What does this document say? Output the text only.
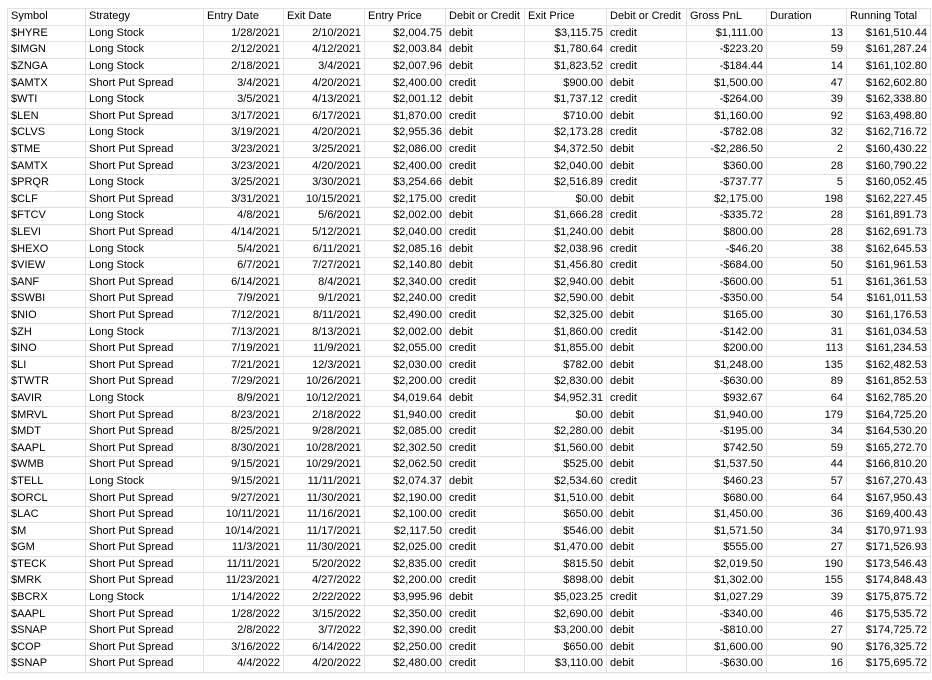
Symbol	Strategy	Entry Date	Exit Date	Entry Price	Debit or Credit	Exit Price	Debit or Credit	Gross PnL	Duration	Running Total
$HYRE	Long Stock	1/28/2021	2/10/2021	$2,004.75	debit	$3,115.75	credit	$1,111.00	13	$161,510.44
$IMGN	Long Stock	2/12/2021	4/12/2021	$2,003.84	debit	$1,780.64	credit	-$223.20	59	$161,287.24
$ZNGA	Long Stock	2/18/2021	3/4/2021	$2,007.96	debit	$1,823.52	credit	-$184.44	14	$161,102.80
$AMTX	Short Put Spread	3/4/2021	4/20/2021	$2,400.00	credit	$900.00	debit	$1,500.00	47	$162,602.80
$WTI	Long Stock	3/5/2021	4/13/2021	$2,001.12	debit	$1,737.12	credit	-$264.00	39	$162,338.80
$LEN	Short Put Spread	3/17/2021	6/17/2021	$1,870.00	credit	$710.00	debit	$1,160.00	92	$163,498.80
$CLVS	Long Stock	3/19/2021	4/20/2021	$2,955.36	debit	$2,173.28	credit	-$782.08	32	$162,716.72
$TME	Short Put Spread	3/23/2021	3/25/2021	$2,086.00	credit	$4,372.50	debit	-$2,286.50	2	$160,430.22
$AMTX	Short Put Spread	3/23/2021	4/20/2021	$2,400.00	credit	$2,040.00	debit	$360.00	28	$160,790.22
$PRQR	Long Stock	3/25/2021	3/30/2021	$3,254.66	debit	$2,516.89	credit	-$737.77	5	$160,052.45
$CLF	Short Put Spread	3/31/2021	10/15/2021	$2,175.00	credit	$0.00	debit	$2,175.00	198	$162,227.45
$FTCV	Long Stock	4/8/2021	5/6/2021	$2,002.00	debit	$1,666.28	credit	-$335.72	28	$161,891.73
$LEVI	Short Put Spread	4/14/2021	5/12/2021	$2,040.00	credit	$1,240.00	debit	$800.00	28	$162,691.73
$HEXO	Long Stock	5/4/2021	6/11/2021	$2,085.16	debit	$2,038.96	credit	-$46.20	38	$162,645.53
$VIEW	Long Stock	6/7/2021	7/27/2021	$2,140.80	debit	$1,456.80	credit	-$684.00	50	$161,961.53
$ANF	Short Put Spread	6/14/2021	8/4/2021	$2,340.00	credit	$2,940.00	debit	-$600.00	51	$161,361.53
$SWBI	Short Put Spread	7/9/2021	9/1/2021	$2,240.00	credit	$2,590.00	debit	-$350.00	54	$161,011.53
$NIO	Short Put Spread	7/12/2021	8/11/2021	$2,490.00	credit	$2,325.00	debit	$165.00	30	$161,176.53
$ZH	Long Stock	7/13/2021	8/13/2021	$2,002.00	debit	$1,860.00	credit	-$142.00	31	$161,034.53
$INO	Short Put Spread	7/19/2021	11/9/2021	$2,055.00	credit	$1,855.00	debit	$200.00	113	$161,234.53
$LI	Short Put Spread	7/21/2021	12/3/2021	$2,030.00	credit	$782.00	debit	$1,248.00	135	$162,482.53
$TWTR	Short Put Spread	7/29/2021	10/26/2021	$2,200.00	credit	$2,830.00	debit	-$630.00	89	$161,852.53
$AVIR	Long Stock	8/9/2021	10/12/2021	$4,019.64	debit	$4,952.31	credit	$932.67	64	$162,785.20
$MRVL	Short Put Spread	8/23/2021	2/18/2022	$1,940.00	credit	$0.00	debit	$1,940.00	179	$164,725.20
$MDT	Short Put Spread	8/25/2021	9/28/2021	$2,085.00	credit	$2,280.00	debit	-$195.00	34	$164,530.20
$AAPL	Short Put Spread	8/30/2021	10/28/2021	$2,302.50	credit	$1,560.00	debit	$742.50	59	$165,272.70
$WMB	Short Put Spread	9/15/2021	10/29/2021	$2,062.50	credit	$525.00	debit	$1,537.50	44	$166,810.20
$TELL	Long Stock	9/15/2021	11/11/2021	$2,074.37	debit	$2,534.60	credit	$460.23	57	$167,270.43
$ORCL	Short Put Spread	9/27/2021	11/30/2021	$2,190.00	credit	$1,510.00	debit	$680.00	64	$167,950.43
$LAC	Short Put Spread	10/11/2021	11/16/2021	$2,100.00	credit	$650.00	debit	$1,450.00	36	$169,400.43
$M	Short Put Spread	10/14/2021	11/17/2021	$2,117.50	credit	$546.00	debit	$1,571.50	34	$170,971.93
$GM	Short Put Spread	11/3/2021	11/30/2021	$2,025.00	credit	$1,470.00	debit	$555.00	27	$171,526.93
$TECK	Short Put Spread	11/11/2021	5/20/2022	$2,835.00	credit	$815.50	debit	$2,019.50	190	$173,546.43
$MRK	Short Put Spread	11/23/2021	4/27/2022	$2,200.00	credit	$898.00	debit	$1,302.00	155	$174,848.43
$BCRX	Long Stock	1/14/2022	2/22/2022	$3,995.96	debit	$5,023.25	credit	$1,027.29	39	$175,875.72
$AAPL	Short Put Spread	1/28/2022	3/15/2022	$2,350.00	credit	$2,690.00	debit	-$340.00	46	$175,535.72
$SNAP	Short Put Spread	2/8/2022	3/7/2022	$2,390.00	credit	$3,200.00	debit	-$810.00	27	$174,725.72
$COP	Short Put Spread	3/16/2022	6/14/2022	$2,250.00	credit	$650.00	debit	$1,600.00	90	$176,325.72
$SNAP	Short Put Spread	4/4/2022	4/20/2022	$2,480.00	credit	$3,110.00	debit	-$630.00	16	$175,695.72
